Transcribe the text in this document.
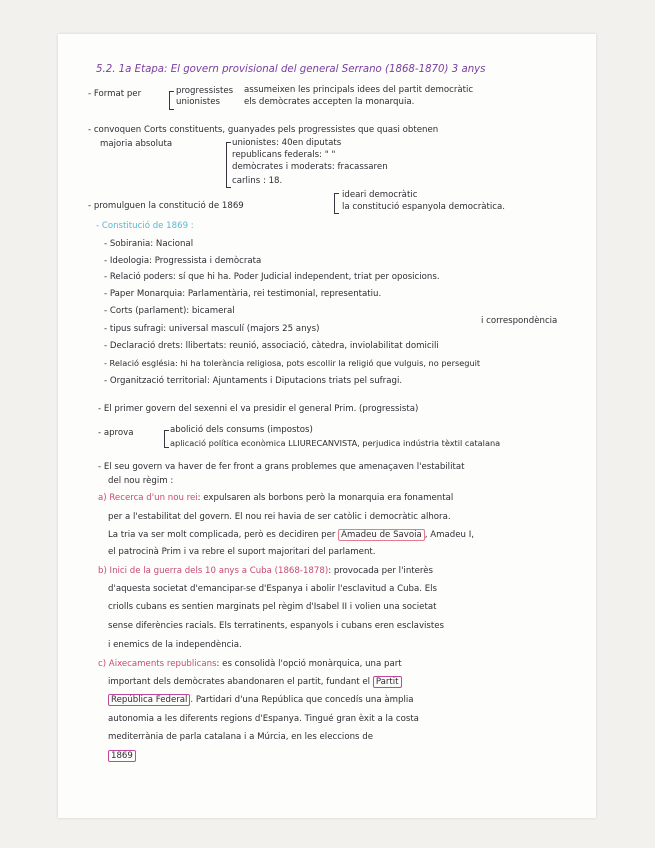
5.2. 1a Etapa: El govern provisional del general Serrano (1868-1870) 3 anys
- Format per	progressistes
unionistes
assumeixen les principals idees del partit democràtic
els demòcrates accepten la monarquia.
- convoquen Corts constituents, guanyades pels progressistes que quasi obtenen
majoria absoluta	unionistes: 40en diputats
republicans federals: " "
demòcrates i moderats: fracassaren
carlins : 18.
- promulguen la constitució de 1869
ideari democràtic
la constitució espanyola democràtica.
- Constitució de 1869 :
- Sobirania: Nacional
- Ideologia: Progressista i demòcrata
- Relació poders: sí que hi ha. Poder Judicial independent, triat per oposicions.
- Paper Monarquia: Parlamentària, rei testimonial, representatiu.
- Corts (parlament): bicameral
i correspondència
- tipus sufragi: universal masculí (majors 25 anys)
- Declaració drets: llibertats: reunió, associació, càtedra, inviolabilitat domicili
- Relació església: hi ha tolerància religiosa, pots escollir la religió que vulguis, no perseguit
- Organització territorial: Ajuntaments i Diputacions triats pel sufragi.
- El primer govern del sexenni el va presidir el general Prim. (progressista)
- aprova	abolició dels consums (impostos)
aplicació política econòmica LLIURECANVISTA, perjudica indústria tèxtil catalana
- El seu govern va haver de fer front a grans problemes que amenaçaven l'estabilitat
del nou règim :
a) Recerca d'un nou rei: expulsaren als borbons però la monarquia era fonamental
per a l'estabilitat del govern. El nou rei havia de ser catòlic i democràtic alhora.
La tria va ser molt complicada, però es decidiren per Amadeu de Savoia , Amadeu I,
el patrocinà Prim i va rebre el suport majoritari del parlament.
b) Inici de la guerra dels 10 anys a Cuba (1868-1878): provocada per l'interès
d'aquesta societat d'emancipar-se d'Espanya i abolir l'esclavitud a Cuba. Els
criolls cubans es sentien marginats pel règim d'Isabel II i volien una societat
sense diferències racials. Els terratinents, espanyols i cubans eren esclavistes
i enemics de la independència.
c) Aixecaments republicans: es consolidà l'opció monàrquica, una part
important dels demòcrates abandonaren el partit, fundant el Partit
República Federal . Partidari d'una República que concedís una àmplia
autonomia a les diferents regions d'Espanya. Tingué gran èxit a la costa
mediterrània de parla catalana i a Múrcia, en les eleccions de
1869
